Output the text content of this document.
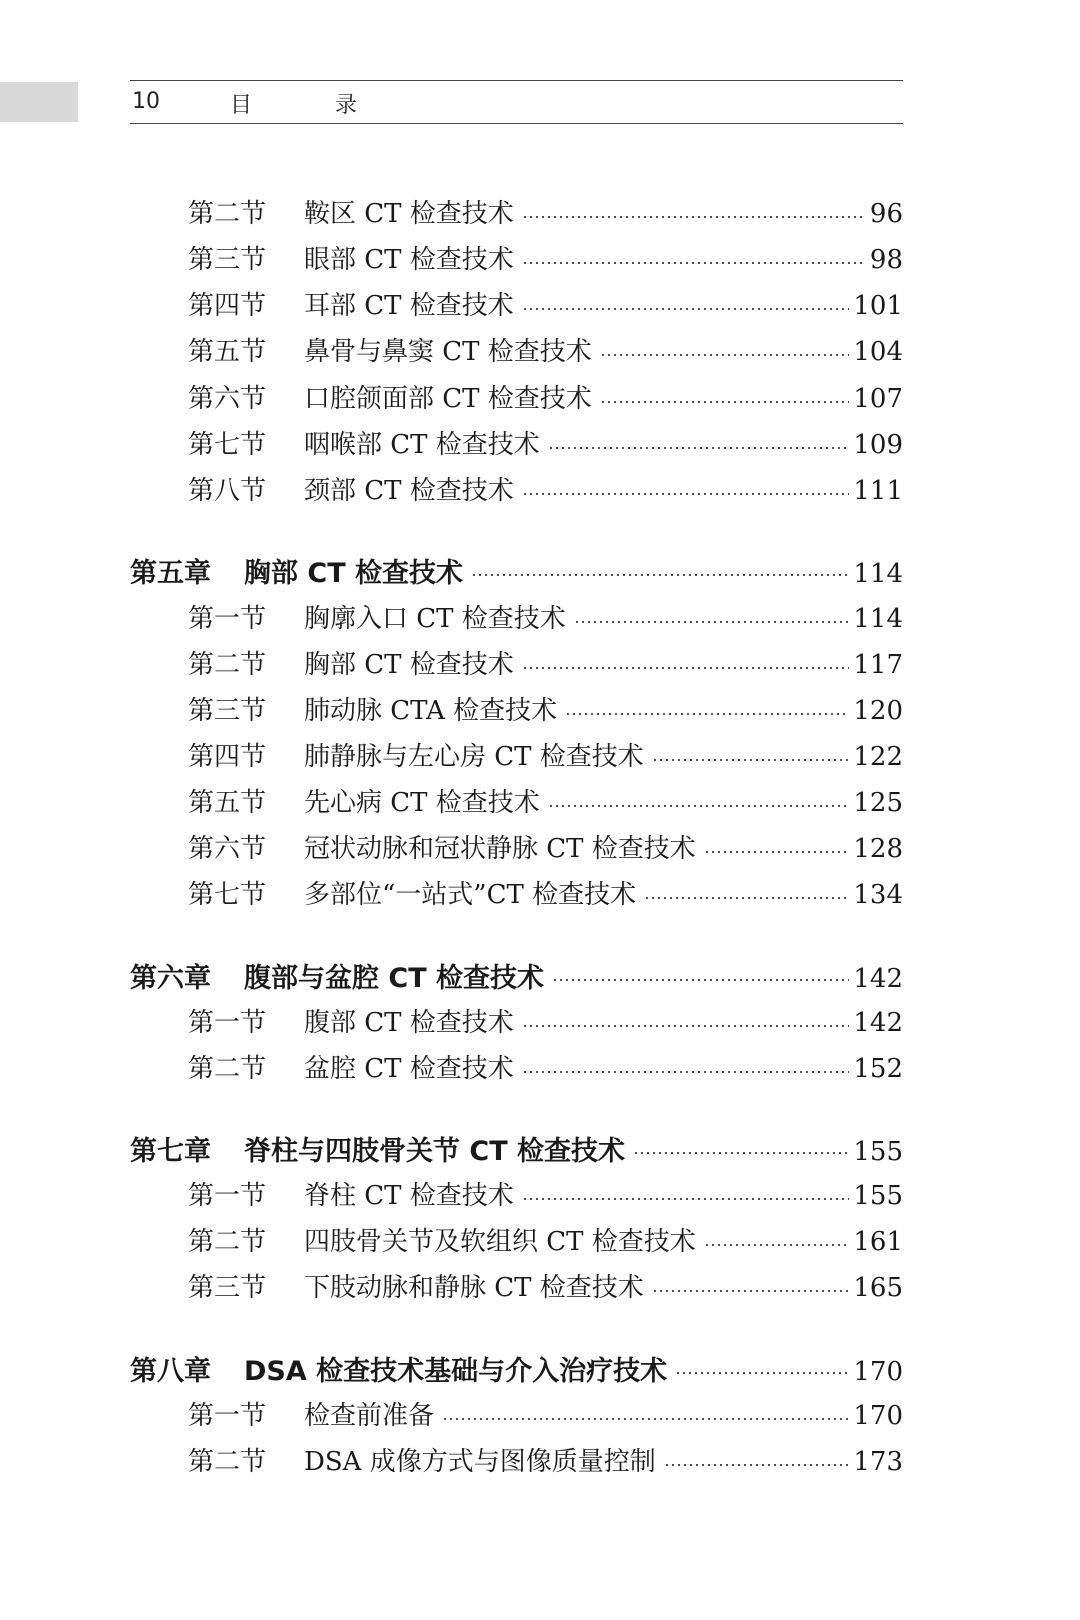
10	目 录
第二节	鞍区 CT 检查技术	96
第三节	眼部 CT 检查技术	98
第四节	耳部 CT 检查技术	101
第五节	鼻骨与鼻窦 CT 检查技术	104
第六节	口腔颌面部 CT 检查技术	107
第七节	咽喉部 CT 检查技术	109
第八节	颈部 CT 检查技术	111
第五章	胸部 CT 检查技术	114
第一节	胸廓入口 CT 检查技术	114
第二节	胸部 CT 检查技术	117
第三节	肺动脉 CTA 检查技术	120
第四节	肺静脉与左心房 CT 检查技术	122
第五节	先心病 CT 检查技术	125
第六节	冠状动脉和冠状静脉 CT 检查技术	128
第七节	多部位“一站式”CT 检查技术	134
第六章	腹部与盆腔 CT 检查技术	142
第一节	腹部 CT 检查技术	142
第二节	盆腔 CT 检查技术	152
第七章	脊柱与四肢骨关节 CT 检查技术	155
第一节	脊柱 CT 检查技术	155
第二节	四肢骨关节及软组织 CT 检查技术	161
第三节	下肢动脉和静脉 CT 检查技术	165
第八章	DSA 检查技术基础与介入治疗技术	170
第一节	检查前准备	170
第二节	DSA 成像方式与图像质量控制	173
